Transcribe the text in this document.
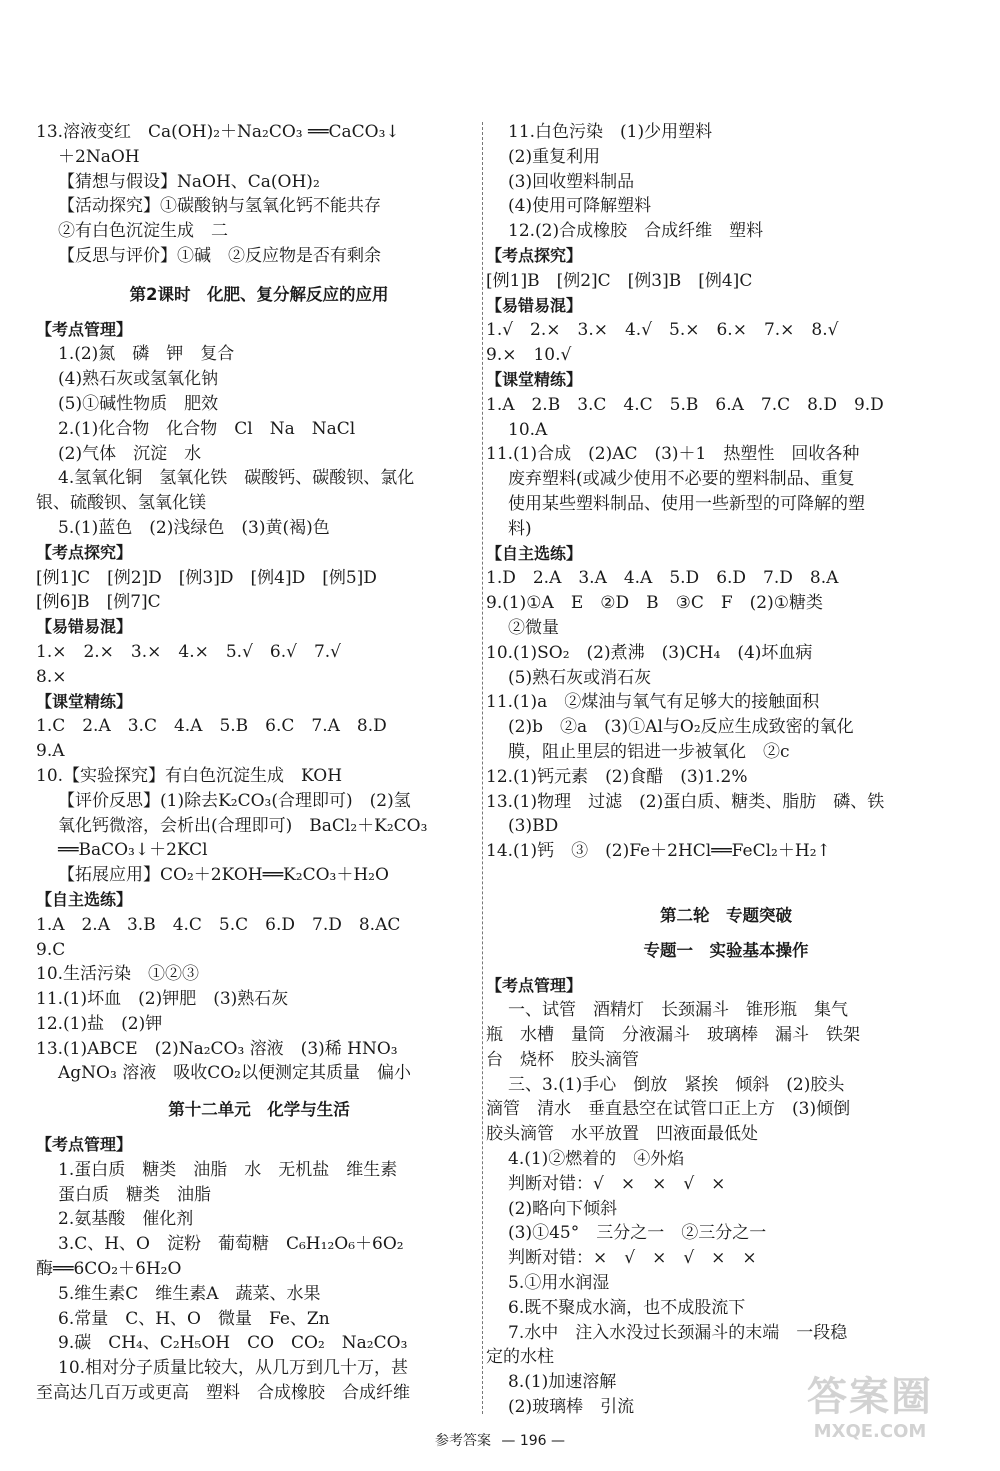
13.溶液变红　Ca(OH)₂＋Na₂CO₃ ══CaCO₃↓
＋2NaOH
【猜想与假设】NaOH、Ca(OH)₂
【活动探究】①碳酸钠与氢氧化钙不能共存
②有白色沉淀生成　二
【反思与评价】①碱　②反应物是否有剩余
第2课时　化肥、复分解反应的应用
【考点管理】
1.(2)氮　磷　钾　复合
(4)熟石灰或氢氧化钠
(5)①碱性物质　肥效
2.(1)化合物　化合物　Cl　Na　NaCl
(2)气体　沉淀　水
4.氢氧化铜　氢氧化铁　碳酸钙、碳酸钡、氯化
银、硫酸钡、氢氧化镁
5.(1)蓝色　(2)浅绿色　(3)黄(褐)色
【考点探究】
[例1]C　[例2]D　[例3]D　[例4]D　[例5]D
[例6]B　[例7]C
【易错易混】
1.×　2.×　3.×　4.×　5.√　6.√　7.√
8.×
【课堂精练】
1.C　2.A　3.C　4.A　5.B　6.C　7.A　8.D
9.A
10.【实验探究】有白色沉淀生成　KOH
【评价反思】(1)除去K₂CO₃(合理即可)　(2)氢
氧化钙微溶，会析出(合理即可)　BaCl₂＋K₂CO₃
══BaCO₃↓＋2KCl
【拓展应用】CO₂＋2KOH══K₂CO₃＋H₂O
【自主选练】
1.A　2.A　3.B　4.C　5.C　6.D　7.D　8.AC
9.C
10.生活污染　①②③
11.(1)坏血　(2)钾肥　(3)熟石灰
12.(1)盐　(2)钾
13.(1)ABCE　(2)Na₂CO₃ 溶液　(3)稀 HNO₃
AgNO₃ 溶液　吸收CO₂以便测定其质量　偏小
第十二单元　化学与生活
【考点管理】
1.蛋白质　糖类　油脂　水　无机盐　维生素
蛋白质　糖类　油脂
2.氨基酸　催化剂
3.C、H、O　淀粉　葡萄糖　C₆H₁₂O₆＋6O₂
酶══6CO₂＋6H₂O
5.维生素C　维生素A　蔬菜、水果
6.常量　C、H、O　微量　Fe、Zn
9.碳　CH₄、C₂H₅OH　CO　CO₂　Na₂CO₃
10.相对分子质量比较大，从几万到几十万，甚
至高达几百万或更高　塑料　合成橡胶　合成纤维
11.白色污染　(1)少用塑料
(2)重复利用
(3)回收塑料制品
(4)使用可降解塑料
12.(2)合成橡胶　合成纤维　塑料
【考点探究】
[例1]B　[例2]C　[例3]B　[例4]C
【易错易混】
1.√　2.×　3.×　4.√　5.×　6.×　7.×　8.√
9.×　10.√
【课堂精练】
1.A　2.B　3.C　4.C　5.B　6.A　7.C　8.D　9.D
10.A
11.(1)合成　(2)AC　(3)＋1　热塑性　回收各种
废弃塑料(或减少使用不必要的塑料制品、重复
使用某些塑料制品、使用一些新型的可降解的塑
料)
【自主选练】
1.D　2.A　3.A　4.A　5.D　6.D　7.D　8.A
9.(1)①A　E　②D　B　③C　F　(2)①糖类
②微量
10.(1)SO₂　(2)煮沸　(3)CH₄　(4)坏血病
(5)熟石灰或消石灰
11.(1)a　②煤油与氧气有足够大的接触面积
(2)b　②a　(3)①Al与O₂反应生成致密的氧化
膜，阻止里层的铝进一步被氧化　②c
12.(1)钙元素　(2)食醋　(3)1.2%
13.(1)物理　过滤　(2)蛋白质、糖类、脂肪　磷、铁
(3)BD
14.(1)钙　③　(2)Fe＋2HCl══FeCl₂＋H₂↑
第二轮　专题突破
专题一　实验基本操作
【考点管理】
一、试管　酒精灯　长颈漏斗　锥形瓶　集气
瓶　水槽　量筒　分液漏斗　玻璃棒　漏斗　铁架
台　烧杯　胶头滴管
三、3.(1)手心　倒放　紧挨　倾斜　(2)胶头
滴管　清水　垂直悬空在试管口正上方　(3)倾倒
胶头滴管　水平放置　凹液面最低处
4.(1)②燃着的　④外焰
判断对错：√　×　×　√　×
(2)略向下倾斜
(3)①45°　三分之一　②三分之一
判断对错：×　√　×　√　×　×
5.①用水润湿
6.既不聚成水滴，也不成股流下
7.水中　注入水没过长颈漏斗的末端　一段稳
定的水柱
8.(1)加速溶解
(2)玻璃棒　引流
参考答案 — 196 —
答案圈
MXQE.COM
